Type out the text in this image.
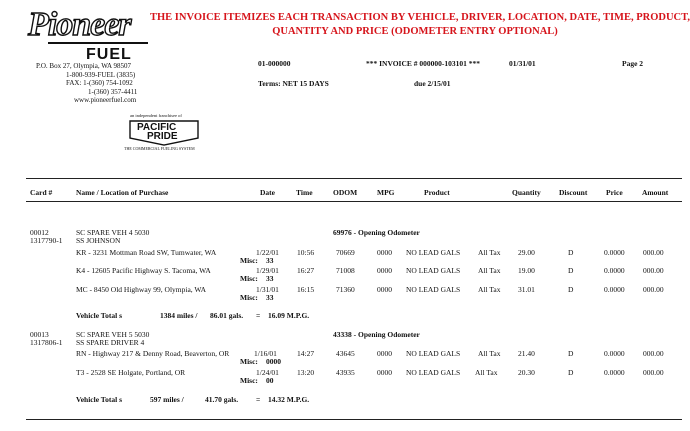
Pioneer
FUEL
P.O. Box 27, Olympia, WA 98507
1-800-939-FUEL (3835)
FAX: 1-(360) 754-1092
1-(360) 357-4411
www.pioneerfuel.com
an independent franchisee of
PACIFIC
PRIDE
THE COMMERCIAL FUELING SYSTEM
THE INVOICE ITEMIZES EACH TRANSACTION BY VEHICLE, DRIVER, LOCATION, DATE, TIME, PRODUCT,
QUANTITY AND PRICE (ODOMETER ENTRY OPTIONAL)
01-000000	*** INVOICE # 000000-103101 ***	01/31/01	Page 2
Terms: NET 15 DAYS	due 2/15/01
Card #	Name / Location of Purchase	Date	Time	ODOM	MPG	Product	Quantity Discount Price	Amount
00012
1317790-1
SC SPARE VEH 4 5030
SS JOHNSON
69976 - Opening Odometer
KR - 3231 Mottman Road SW, Tumwater, WA	1/22/01 10:56	70669	0000 NO LEAD GALS All Tax 29.00	D	0.0000 000.00
Misc: 33
K4 - 12605 Pacific Highway S. Tacoma, WA	1/29/01 16:27	71008	0000 NO LEAD GALS All Tax 19.00	D	0.0000 000.00
Misc: 33
MC - 8450 Old Highway 99, Olympia, WA	1/31/01 16:15	71360	0000 NO LEAD GALS All Tax 31.01	D	0.0000 000.00
Misc: 33
Vehicle Total s	1384 miles / 86.01 gals. = 16.09 M.P.G.
00013
1317806-1
SC SPARE VEH 5 5030
SS SPARE DRIVER 4
43338 - Opening Odometer
RN - Highway 217 & Denny Road, Beaverton, OR	1/16/01	14:27	43645	0000 NO LEAD GALS All Tax 21.40	D	0.0000 000.00
Misc: 0000
T3 - 2528 SE Holgate, Portland, OR	1/24/01 13:20	43935	0000 NO LEAD GALS All Tax	20.30	D	0.0000 000.00
Misc: 00
Vehicle Total s	597 miles /	41.70 gals. = 14.32 M.P.G.
